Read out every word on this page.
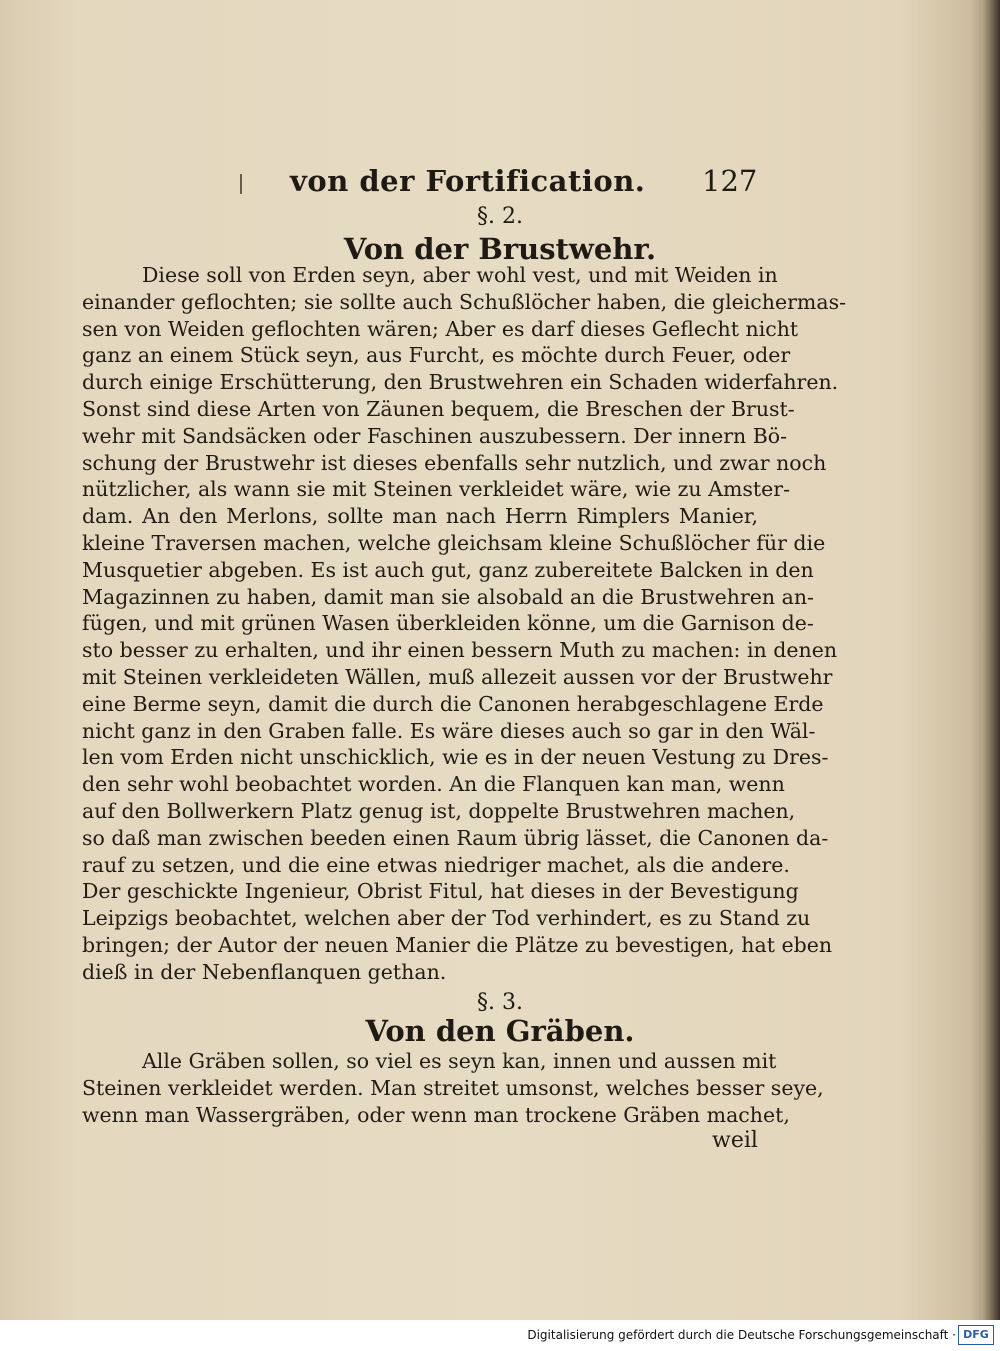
von der Fortification. 127
§. 2.
Von der Brustwehr.
Diese soll von Erden seyn, aber wohl vest, und mit Weiden in
einander geflochten; sie sollte auch Schußlöcher haben, die gleichermas-
sen von Weiden geflochten wären; Aber es darf dieses Geflecht nicht
ganz an einem Stück seyn, aus Furcht, es möchte durch Feuer, oder
durch einige Erschütterung, den Brustwehren ein Schaden widerfahren.
Sonst sind diese Arten von Zäunen bequem, die Breschen der Brust-
wehr mit Sandsäcken oder Faschinen auszubessern. Der innern Bö-
schung der Brustwehr ist dieses ebenfalls sehr nutzlich, und zwar noch
nützlicher, als wann sie mit Steinen verkleidet wäre, wie zu Amster-
dam. An den Merlons, sollte man nach Herrn Rimplers Manier,
kleine Traversen machen, welche gleichsam kleine Schußlöcher für die
Musquetier abgeben. Es ist auch gut, ganz zubereitete Balcken in den
Magazinnen zu haben, damit man sie alsobald an die Brustwehren an-
fügen, und mit grünen Wasen überkleiden könne, um die Garnison de-
sto besser zu erhalten, und ihr einen bessern Muth zu machen: in denen
mit Steinen verkleideten Wällen, muß allezeit aussen vor der Brustwehr
eine Berme seyn, damit die durch die Canonen herabgeschlagene Erde
nicht ganz in den Graben falle. Es wäre dieses auch so gar in den Wäl-
len vom Erden nicht unschicklich, wie es in der neuen Vestung zu Dres-
den sehr wohl beobachtet worden. An die Flanquen kan man, wenn
auf den Bollwerkern Platz genug ist, doppelte Brustwehren machen,
so daß man zwischen beeden einen Raum übrig lässet, die Canonen da-
rauf zu setzen, und die eine etwas niedriger machet, als die andere.
Der geschickte Ingenieur, Obrist Fitul, hat dieses in der Bevestigung
Leipzigs beobachtet, welchen aber der Tod verhindert, es zu Stand zu
bringen; der Autor der neuen Manier die Plätze zu bevestigen, hat eben
dieß in der Nebenflanquen gethan.
§. 3.
Von den Gräben.
Alle Gräben sollen, so viel es seyn kan, innen und aussen mit
Steinen verkleidet werden. Man streitet umsonst, welches besser seye,
wenn man Wassergräben, oder wenn man trockene Gräben machet,
weil
Digitalisierung gefördert durch die Deutsche Forschungsgemeinschaft · DFG
